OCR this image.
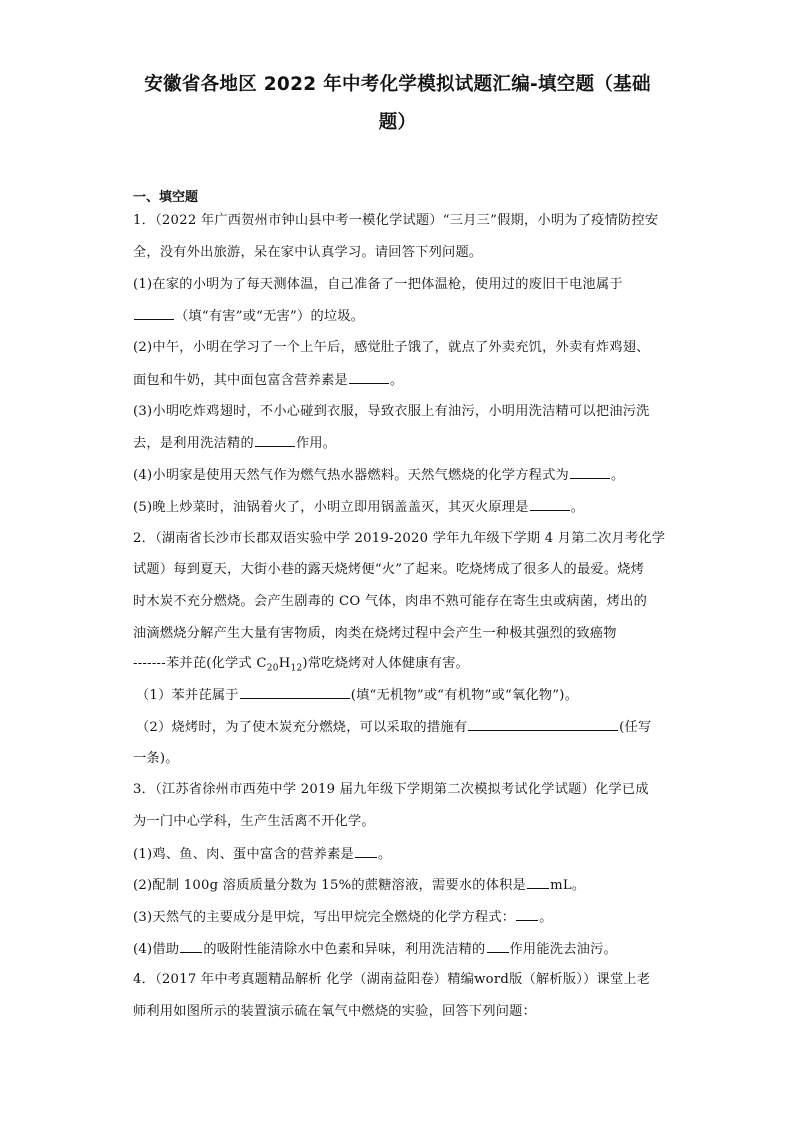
安徽省各地区 2022 年中考化学模拟试题汇编-填空题（基础
题）
一、填空题
1．（2022 年广西贺州市钟山县中考一模化学试题）“三月三”假期，小明为了疫情防控安
全，没有外出旅游，呆在家中认真学习。请回答下列问题。
(1)在家的小明为了每天测体温，自己准备了一把体温枪，使用过的废旧干电池属于
（填“有害”或“无害”）的垃圾。
(2)中午，小明在学习了一个上午后，感觉肚子饿了，就点了外卖充饥，外卖有炸鸡翅、
面包和牛奶，其中面包富含营养素是	。
(3)小明吃炸鸡翅时，不小心碰到衣服，导致衣服上有油污，小明用洗洁精可以把油污洗
去，是利用洗洁精的	作用。
(4)小明家是使用天然气作为燃气热水器燃料。天然气燃烧的化学方程式为	。
(5)晚上炒菜时，油锅着火了，小明立即用锅盖盖灭，其灭火原理是	。
2．（湖南省长沙市长郡双语实验中学 2019-2020 学年九年级下学期 4 月第二次月考化学
试题）每到夏天，大街小巷的露天烧烤便“火”了起来。吃烧烤成了很多人的最爱。烧烤
时木炭不充分燃烧。会产生剧毒的 CO 气体，肉串不熟可能存在寄生虫或病菌，烤出的
油滴燃烧分解产生大量有害物质，肉类在烧烤过程中会产生一种极其强烈的致癌物
-------苯并芘(化学式 $C_{20}H_{12}$)常吃烧烤对人体健康有害。
（1）苯并芘属于	(填“无机物”或“有机物”或“氧化物”)。
（2）烧烤时，为了使木炭充分燃烧，可以采取的措施有	(任写
一条)。
3．（江苏省徐州市西苑中学 2019 届九年级下学期第二次模拟考试化学试题）化学已成
为一门中心学科，生产生活离不开化学。
(1)鸡、鱼、肉、蛋中富含的营养素是 。
(2)配制 100g 溶质质量分数为 15%的蔗糖溶液，需要水的体积是 mL。
(3)天然气的主要成分是甲烷，写出甲烷完全燃烧的化学方程式： 。
(4)借助 的吸附性能清除水中色素和异味，利用洗洁精的 作用能洗去油污。
4．（2017 年中考真题精品解析 化学（湖南益阳卷）精编word版（解析版））课堂上老
师利用如图所示的装置演示硫在氧气中燃烧的实验，回答下列问题：
